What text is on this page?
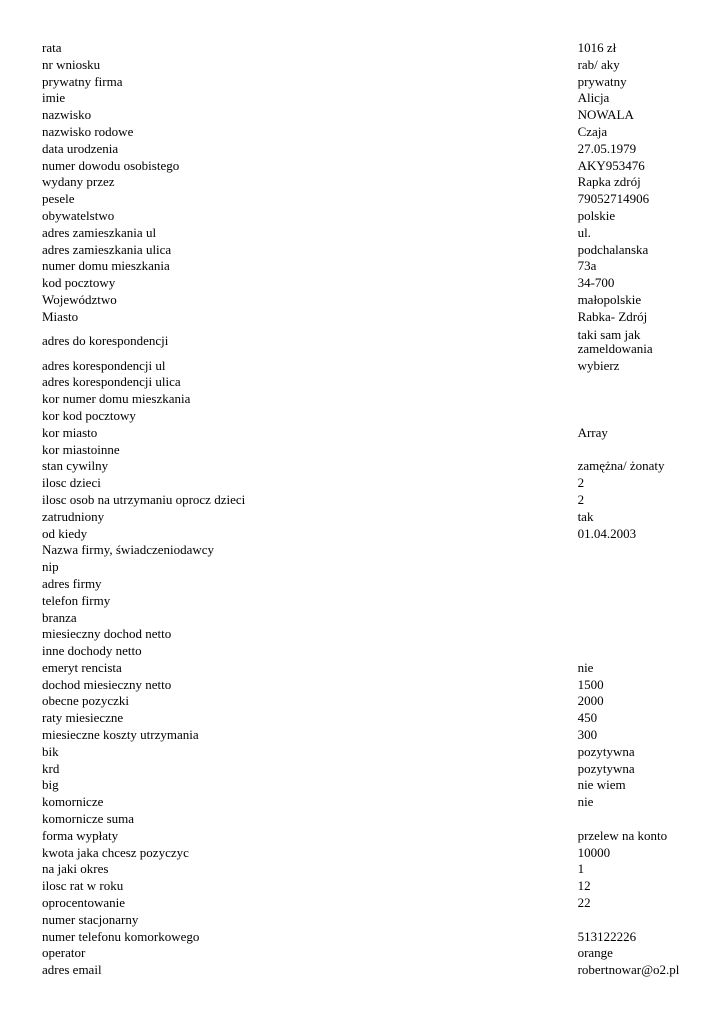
rata	1016 zł
nr wniosku	rab/ aky
prywatny firma	prywatny
imie	Alicja
nazwisko	NOWALA
nazwisko rodowe	Czaja
data urodzenia	27.05.1979
numer dowodu osobistego	AKY953476
wydany przez	Rapka zdrój
pesele	79052714906
obywatelstwo	polskie
adres zamieszkania ul	ul.
adres zamieszkania ulica	podchalanska
numer domu mieszkania	73a
kod pocztowy	34-700
Województwo	małopolskie
Miasto	Rabka- Zdrój
adres do korespondencji	taki sam jak zameldowania
adres korespondencji ul	wybierz
adres korespondencji ulica
kor numer domu mieszkania
kor kod pocztowy
kor miasto	Array
kor miastoinne
stan cywilny	zamężna/ żonaty
ilosc dzieci	2
ilosc osob na utrzymaniu oprocz dzieci	2
zatrudniony	tak
od kiedy	01.04.2003
Nazwa firmy, świadczeniodawcy
nip
adres firmy
telefon firmy
branza
miesieczny dochod netto
inne dochody netto
emeryt rencista	nie
dochod miesieczny netto	1500
obecne pozyczki	2000
raty miesieczne	450
miesieczne koszty utrzymania	300
bik	pozytywna
krd	pozytywna
big	nie wiem
komornicze	nie
komornicze suma
forma wypłaty	przelew na konto
kwota jaka chcesz pozyczyc	10000
na jaki okres	1
ilosc rat w roku	12
oprocentowanie	22
numer stacjonarny
numer telefonu komorkowego	513122226
operator	orange
adres email	robertnowar@o2.pl
